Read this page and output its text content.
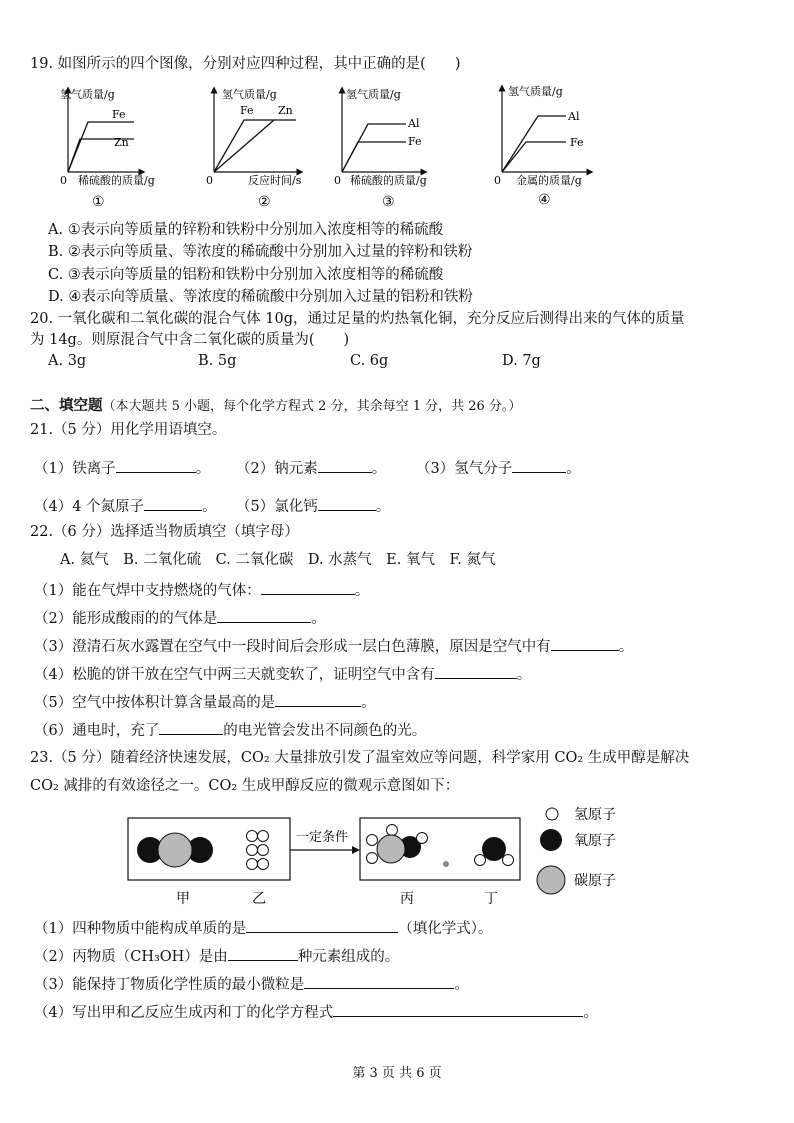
19. 如图所示的四个图像，分别对应四种过程，其中正确的是(　　)
氢气质量/g
Fe
Zn
0 稀硫酸的质量/g
①
氢气质量/g
Fe Zn
0	反应时间/s
②
氢气质量/g
Al
Fe
0 稀硫酸的质量/g
③
氢气质量/g
Al
Fe
0 金属的质量/g
④
A. ①表示向等质量的锌粉和铁粉中分别加入浓度相等的稀硫酸
B. ②表示向等质量、等浓度的稀硫酸中分别加入过量的锌粉和铁粉
C. ③表示向等质量的铝粉和铁粉中分别加入浓度相等的稀硫酸
D. ④表示向等质量、等浓度的稀硫酸中分别加入过量的铝粉和铁粉
20. 一氧化碳和二氧化碳的混合气体 10g，通过足量的灼热氧化铜，充分反应后测得出来的气体的质量
为 14g。则原混合气中含二氧化碳的质量为(　　)
A. 3g	B. 5g	C. 6g	D. 7g
二、填空题（本大题共 5 小题，每个化学方程式 2 分，其余每空 1 分，共 26 分。）
21.（5 分）用化学用语填空。
（1）铁离子	。 （2）钠元素	。 （3）氢气分子	。
（4）4 个氮原子	。 （5）氯化钙	。
22.（6 分）选择适当物质填空（填字母）
A. 氦气　B. 二氧化硫　C. 二氧化碳　D. 水蒸气　E. 氧气　F. 氮气
（1）能在气焊中支持燃烧的气体：	。
（2）能形成酸雨的的气体是	。
（3）澄清石灰水露置在空气中一段时间后会形成一层白色薄膜，原因是空气中有	。
（4）松脆的饼干放在空气中两三天就变软了，证明空气中含有	。
（5）空气中按体积计算含量最高的是	。
（6）通电时，充了	的电光管会发出不同颜色的光。
23.（5 分）随着经济快速发展，CO₂ 大量排放引发了温室效应等问题，科学家用 CO₂ 生成甲醇是解决
CO₂ 减排的有效途径之一。CO₂ 生成甲醇反应的微观示意图如下：
一定条件
甲	乙	丙	丁
氢原子
氧原子
碳原子
（1）四种物质中能构成单质的是	（填化学式）。
（2）丙物质（CH₃OH）是由	种元素组成的。
（3）能保持丁物质化学性质的最小微粒是	。
（4）写出甲和乙反应生成丙和丁的化学方程式	。
第 3 页 共 6 页
